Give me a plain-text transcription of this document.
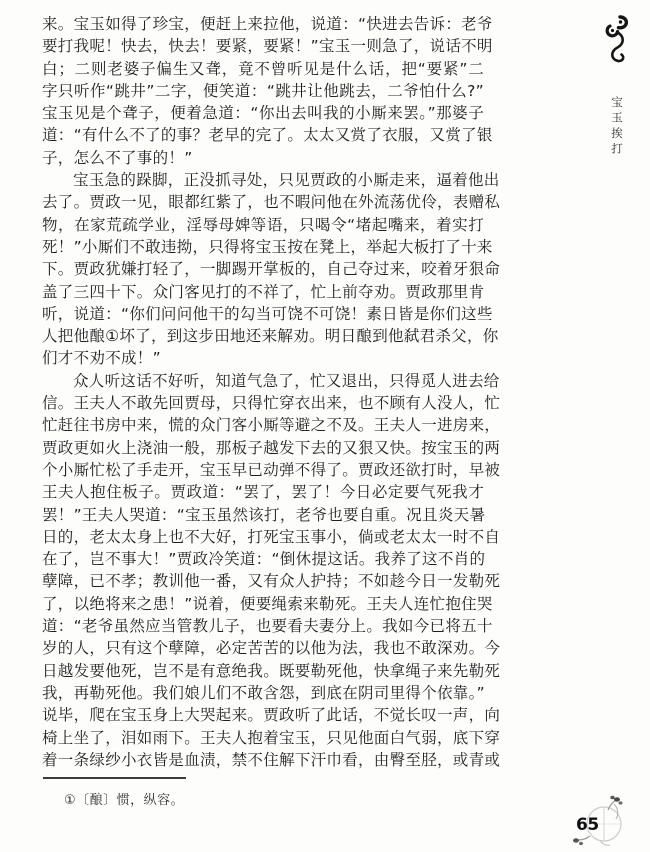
宝玉挨打
来。宝玉如得了珍宝，便赶上来拉他，说道：“快进去告诉：老爷
要打我呢！快去，快去！要紧，要紧！”宝玉一则急了，说话不明
白；二则老婆子偏生又聋，竟不曾听见是什么话，把“要紧”二
字只听作“跳井”二字，便笑道：“跳井让他跳去，二爷怕什么?”
宝玉见是个聋子，便着急道：“你出去叫我的小厮来罢。”那婆子
道：“有什么不了的事？老早的完了。太太又赏了衣服，又赏了银
子，怎么不了事的！”
宝玉急的跺脚，正没抓寻处，只见贾政的小厮走来，逼着他出
去了。贾政一见，眼都红紫了，也不暇问他在外流荡优伶，表赠私
物，在家荒疏学业，淫辱母婢等语，只喝令“堵起嘴来，着实打
死！”小厮们不敢违拗，只得将宝玉按在凳上，举起大板打了十来
下。贾政犹嫌打轻了，一脚踢开掌板的，自己夺过来，咬着牙狠命
盖了三四十下。众门客见打的不祥了，忙上前夺劝。贾政那里肯
听，说道：“你们问问他干的勾当可饶不可饶！素日皆是你们这些
人把他酿①坏了，到这步田地还来解劝。明日酿到他弑君杀父，你
们才不劝不成！”
众人听这话不好听，知道气急了，忙又退出，只得觅人进去给
信。王夫人不敢先回贾母，只得忙穿衣出来，也不顾有人没人，忙
忙赶往书房中来，慌的众门客小厮等避之不及。王夫人一进房来，
贾政更如火上浇油一般，那板子越发下去的又狠又快。按宝玉的两
个小厮忙松了手走开，宝玉早已动弹不得了。贾政还欲打时，早被
王夫人抱住板子。贾政道：“罢了，罢了！今日必定要气死我才
罢！”王夫人哭道：“宝玉虽然该打，老爷也要自重。况且炎天暑
日的，老太太身上也不大好，打死宝玉事小，倘或老太太一时不自
在了，岂不事大！”贾政冷笑道：“倒休提这话。我养了这不肖的
孽障，已不孝；教训他一番，又有众人护持；不如趁今日一发勒死
了，以绝将来之患！”说着，便要绳索来勒死。王夫人连忙抱住哭
道：“老爷虽然应当管教儿子，也要看夫妻分上。我如今已将五十
岁的人，只有这个孽障，必定苦苦的以他为法，我也不敢深劝。今
日越发要他死，岂不是有意绝我。既要勒死他，快拿绳子来先勒死
我，再勒死他。我们娘儿们不敢含怨，到底在阴司里得个依靠。”
说毕，爬在宝玉身上大哭起来。贾政听了此话，不觉长叹一声，向
椅上坐了，泪如雨下。王夫人抱着宝玉，只见他面白气弱，底下穿
着一条绿纱小衣皆是血渍，禁不住解下汗巾看，由臀至胫，或青或
①〔酿〕惯，纵容。
65
